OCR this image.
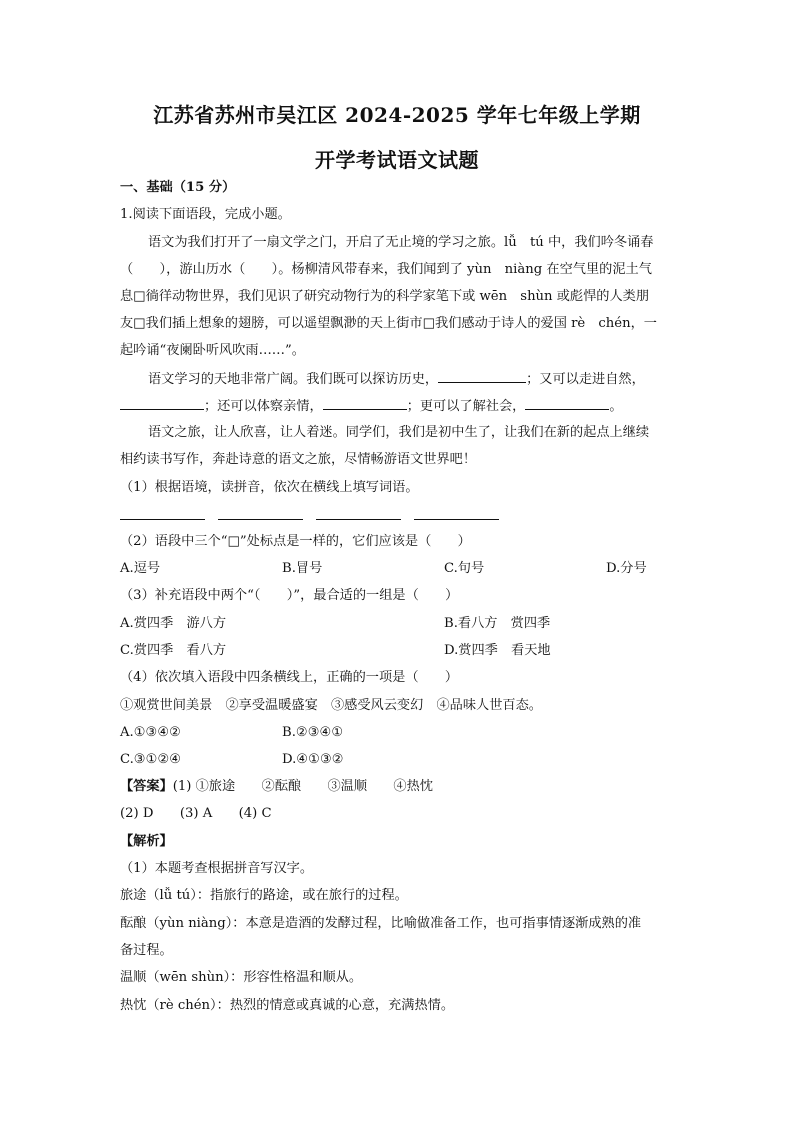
江苏省苏州市吴江区 2024-2025 学年七年级上学期
开学考试语文试题
一、基础（15 分）
1.阅读下面语段，完成小题。
语文为我们打开了一扇文学之门，开启了无止境的学习之旅。lǚ　tú 中，我们吟冬诵春
（　　），游山历水（　　）。杨柳清风带春来，我们闻到了 yùn　niàng 在空气里的泥土气
息□徜徉动物世界，我们见识了研究动物行为的科学家笔下或 wēn　shùn 或彪悍的人类朋
友□我们插上想象的翅膀，可以遥望飘渺的天上街市□我们感动于诗人的爱国 rè　chén，一
起吟诵“夜阑卧听风吹雨……”。
语文学习的天地非常广阔。我们既可以探访历史，	；又可以走进自然，
；还可以体察亲情，	；更可以了解社会，	。
语文之旅，让人欣喜，让人着迷。同学们，我们是初中生了，让我们在新的起点上继续
相约读书写作，奔赴诗意的语文之旅，尽情畅游语文世界吧！
（1）根据语境，读拼音，依次在横线上填写词语。
（2）语段中三个“□”处标点是一样的，它们应该是（　　）
A.逗号	B.冒号	C.句号	D.分号
（3）补充语段中两个“（　　）”，最合适的一组是（　　）
A.赏四季　游八方	B.看八方　赏四季
C.赏四季　看八方	D.赏四季　看天地
（4）依次填入语段中四条横线上，正确的一项是（　　）
①观赏世间美景　②享受温暖盛宴　③感受风云变幻　④品味人世百态。
A.①③④②	B.②③④①
C.③①②④	D.④①③②
【答案】(1) ①旅途　　②酝酿　　③温顺　　④热忱
(2) D　　(3) A　　(4) C
【解析】
（1）本题考查根据拼音写汉字。
旅途（lǚ tú）：指旅行的路途，或在旅行的过程。
酝酿（yùn niàng）：本意是造酒的发酵过程，比喻做准备工作，也可指事情逐渐成熟的准
备过程。
温顺（wēn shùn）：形容性格温和顺从。
热忱（rè chén）：热烈的情意或真诚的心意，充满热情。
